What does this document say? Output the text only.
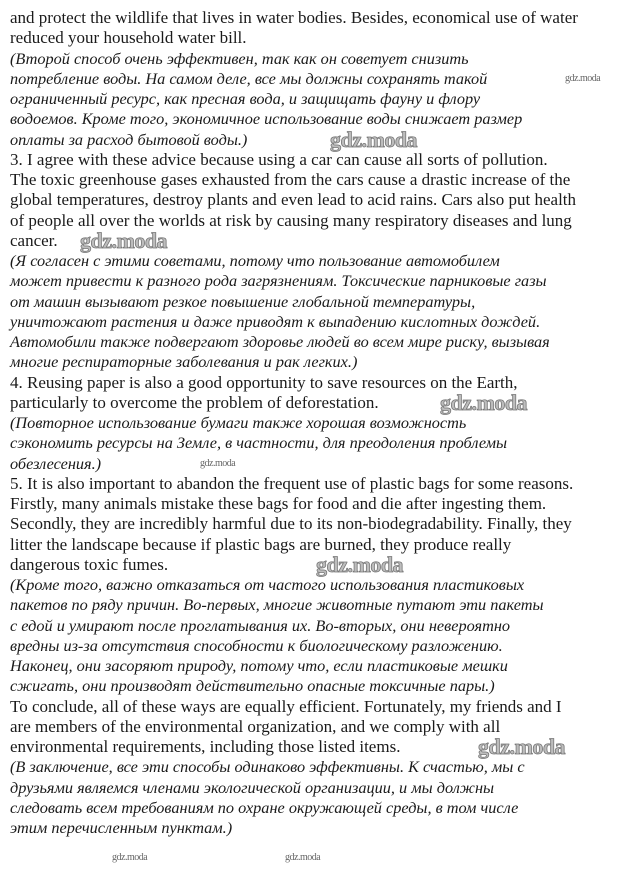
and protect the wildlife that lives in water bodies. Besides, economical use of water
reduced your household water bill.
(Второй способ очень эффективен, так как он советует снизить
потребление воды. На самом деле, все мы должны сохранять такой
ограниченный ресурс, как пресная вода, и защищать фауну и флору
водоемов. Кроме того, экономичное использование воды снижает размер
оплаты за расход бытовой воды.)
3. I agree with these advice because using a car can cause all sorts of pollution.
The toxic greenhouse gases exhausted from the cars cause a drastic increase of the
global temperatures, destroy plants and even lead to acid rains. Cars also put health
of people all over the worlds at risk by causing many respiratory diseases and lung
cancer.
(Я согласен с этими советами, потому что пользование автомобилем
может привести к разного рода загрязнениям. Токсические парниковые газы
от машин вызывают резкое повышение глобальной температуры,
уничтожают растения и даже приводят к выпадению кислотных дождей.
Автомобили также подвергают здоровье людей во всем мире риску, вызывая
многие респираторные заболевания и рак легких.)
4. Reusing paper is also a good opportunity to save resources on the Earth,
particularly to overcome the problem of deforestation.
(Повторное использование бумаги также хорошая возможность
сэкономить ресурсы на Земле, в частности, для преодоления проблемы
обезлесения.)
5. It is also important to abandon the frequent use of plastic bags for some reasons.
Firstly, many animals mistake these bags for food and die after ingesting them.
Secondly, they are incredibly harmful due to its non-biodegradability. Finally, they
litter the landscape because if plastic bags are burned, they produce really
dangerous toxic fumes.
(Кроме того, важно отказаться от частого использования пластиковых
пакетов по ряду причин. Во-первых, многие животные путают эти пакеты
с едой и умирают после проглатывания их. Во-вторых, они невероятно
вредны из-за отсутствия способности к биологическому разложению.
Наконец, они засоряют природу, потому что, если пластиковые мешки
сжигать, они производят действительно опасные токсичные пары.)
To conclude, all of these ways are equally efficient. Fortunately, my friends and I
are members of the environmental organization, and we comply with all
environmental requirements, including those listed items.
(В заключение, все эти способы одинаково эффективны. К счастью, мы с
друзьями являемся членами экологической организации, и мы должны
следовать всем требованиям по охране окружающей среды, в том числе
этим перечисленным пунктам.)
gdz.moda
gdz.moda
gdz.moda
gdz.moda
gdz.moda
gdz.moda
gdz.moda
gdz.moda	gdz.moda
